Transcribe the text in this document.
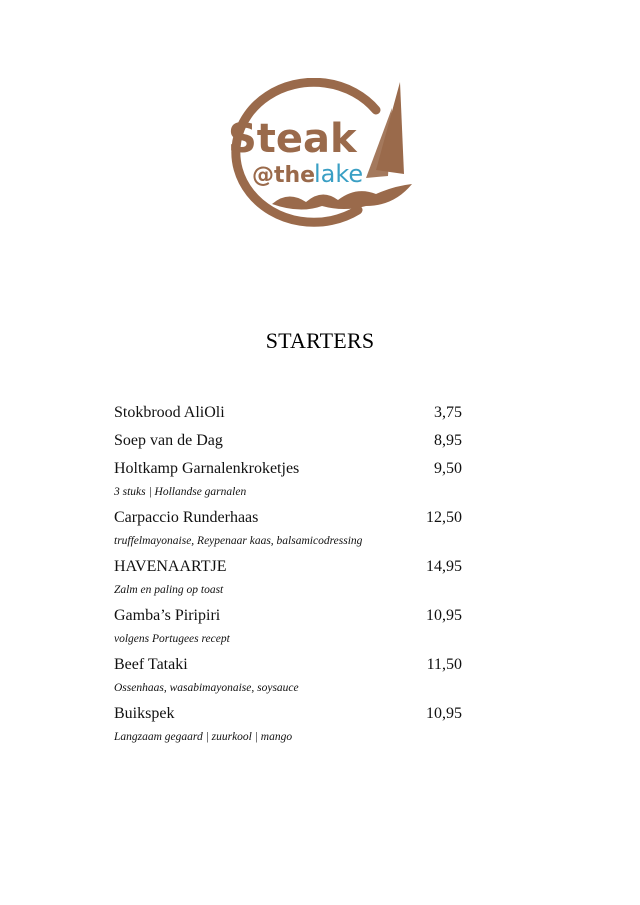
Steak
@the
lake
STARTERS
Stokbrood AliOli	3,75
Soep van de Dag	8,95
Holtkamp Garnalenkroketjes	9,50
3 stuks | Hollandse garnalen
Carpaccio Runderhaas	12,50
truffelmayonaise, Reypenaar kaas, balsamicodressing
HAVENAARTJE	14,95
Zalm en paling op toast
Gamba’s Piripiri	10,95
volgens Portugees recept
Beef Tataki	11,50
Ossenhaas, wasabimayonaise, soysauce
Buikspek	10,95
Langzaam gegaard | zuurkool | mango
